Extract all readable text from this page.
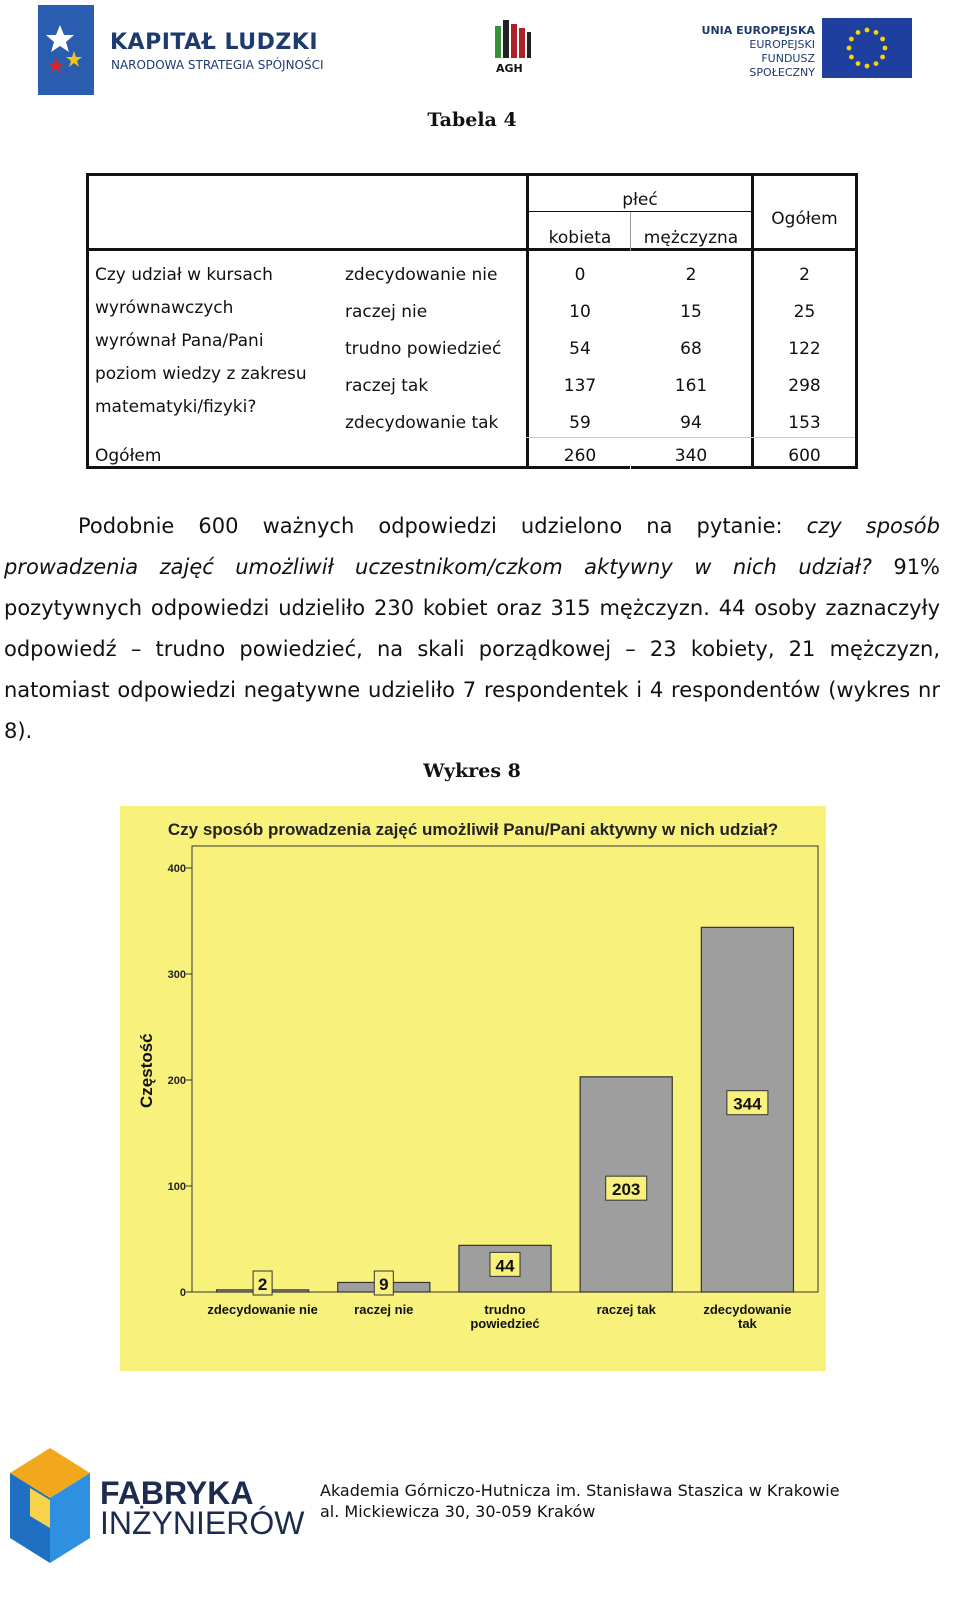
KAPITAŁ LUDZKI
NARODOWA STRATEGIA SPÓJNOŚCI	AGH
UNIA EUROPEJSKA
EUROPEJSKI
FUNDUSZ SPOŁECZNY
Tabela 4
płeć
kobieta	mężczyzna
Ogółem
Czy udział w kursach
wyrównawczych
wyrównał Pana/Pani
poziom wiedzy z zakresu
matematyki/fizyki?
zdecydowanie nie	0	2	2
raczej nie	10	15	25
trudno powiedzieć	54	68	122
raczej tak	137	161	298
zdecydowanie tak	59	94	153
Ogółem	260	340	600

Podobnie 600 ważnych odpowiedzi udzielono na pytanie: czy sposób prowadzenia zajęć umożliwił uczestnikom/czkom aktywny w nich udział? 91% pozytywnych odpowiedzi udzieliło 230 kobiet oraz 315 mężczyzn. 44 osoby zaznaczyły odpowiedź – trudno powiedzieć, na skali porządkowej – 23 kobiety, 21 mężczyzn, natomiast odpowiedzi negatywne udzieliło 7 respondentek i 4 respondentów (wykres nr 8).

Wykres 8
Czy sposób prowadzenia zajęć umożliwił Panu/Pani aktywny w nich udział?
Częstość
0
100
200
300
400
2
zdecydowanie nie
9
raczej nie
44
trudno
powiedzieć
203
raczej tak
344
zdecydowanie
tak
FABRYKA
INŻYNIERÓW
Akademia Górniczo-Hutnicza im. Stanisława Staszica w Krakowie
al. Mickiewicza 30, 30-059 Kraków
